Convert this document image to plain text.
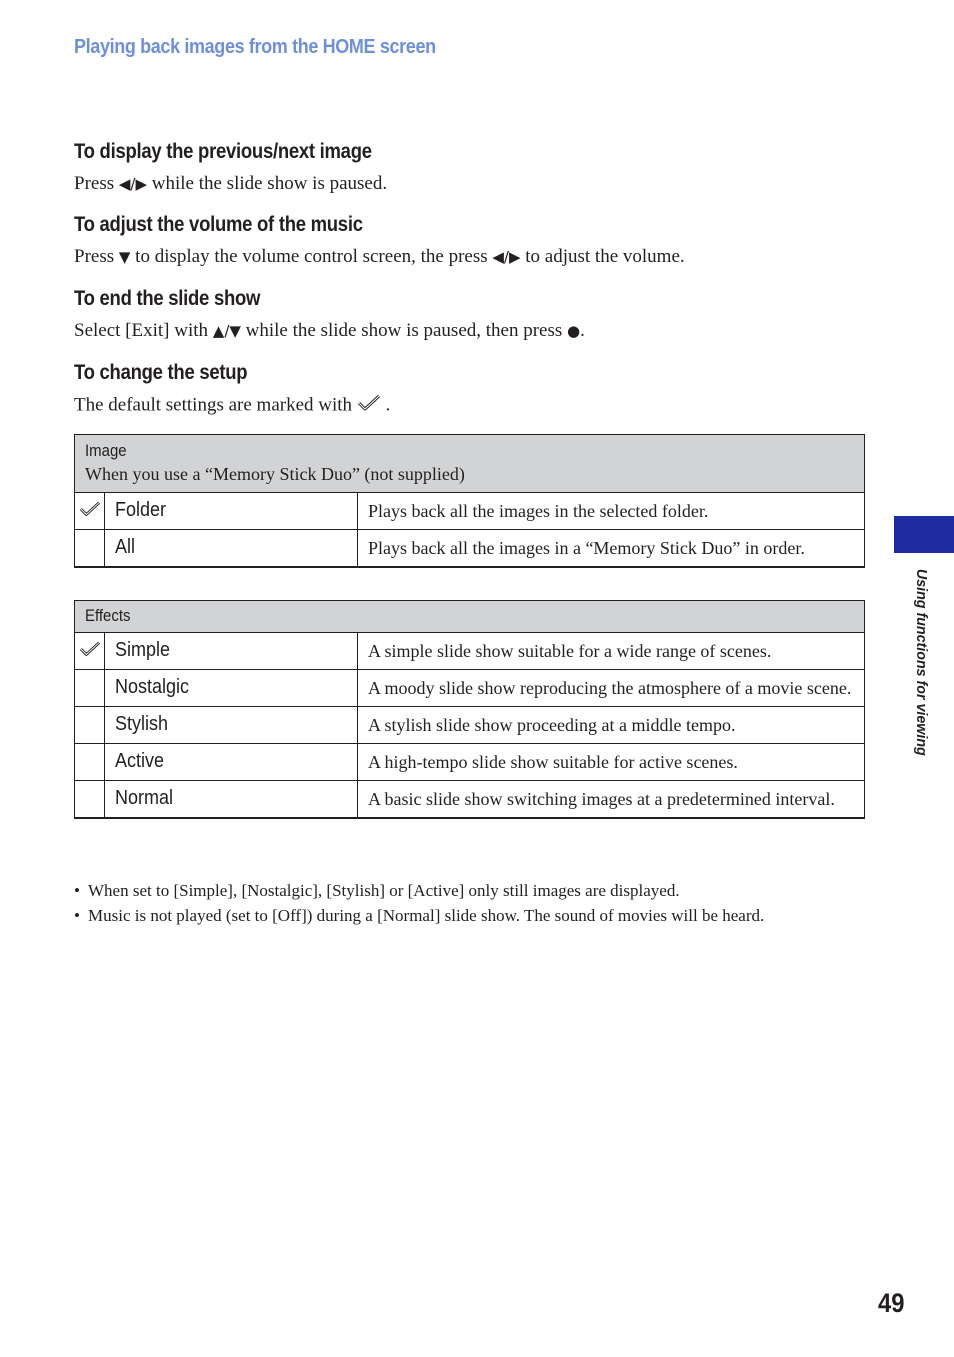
Playing back images from the HOME screen
To display the previous/next image
Press ◀/▶ while the slide show is paused.
To adjust the volume of the music
Press ▼ to display the volume control screen, the press ◀/▶ to adjust the volume.
To end the slide show
Select [Exit] with ▲/▼ while the slide show is paused, then press ●.
To change the setup
The default settings are marked with  .
Image
When you use a “Memory Stick Duo” (not supplied)		

	Folder	Plays back all the images in the selected folder.
	All	Plays back all the images in a “Memory Stick Duo” in order.
Effects		

	Simple	A simple slide show suitable for a wide range of scenes.
	Nostalgic	A moody slide show reproducing the atmosphere of a movie scene.
	Stylish	A stylish slide show proceeding at a middle tempo.
	Active	A high-tempo slide show suitable for active scenes.
	Normal	A basic slide show switching images at a predetermined interval.
• When set to [Simple], [Nostalgic], [Stylish] or [Active] only still images are displayed.
• Music is not played (set to [Off]) during a [Normal] slide show. The sound of movies will be heard.
Using functions for viewing
49
